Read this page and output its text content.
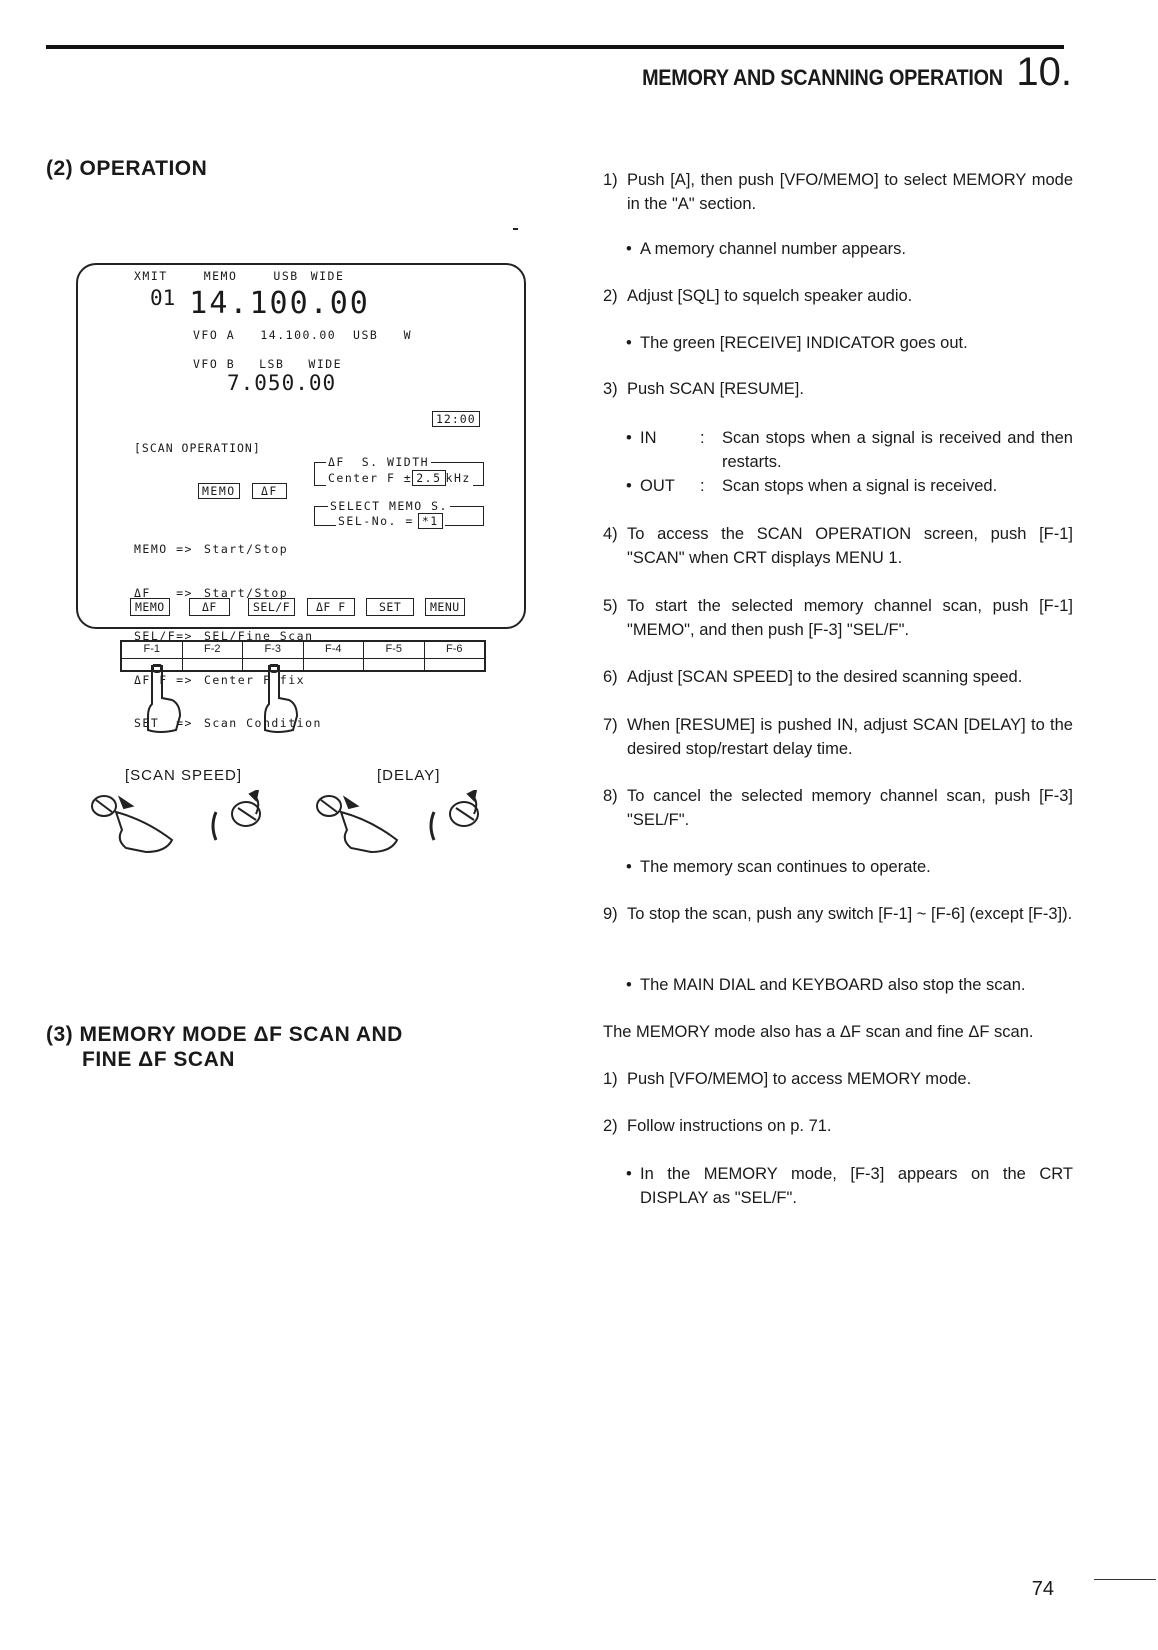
MEMORY AND SCANNING OPERATION 10.
(2) OPERATION
XMIT	MEMO	USB WIDE
01 14.100.00
VFO A   14.100.00  USB   W
VFO B LSB WIDE
7.050.00
12:00
[SCAN OPERATION]
ΔF  S. WIDTH
Center F ± 2.5 kHz
MEMO	ΔF
SELECT MEMO S.
SEL-No. = *1

MEMO => Start/Stop

ΔF   => Start/Stop

SEL/F=> SEL/Fine Scan

ΔF F => Center F fix

SET  => Scan Condition

MEMO	ΔF	SEL/F	ΔF F	SET	MENU
F-1	F-2	F-3	F-4	F-5	F-6
[SCAN SPEED]	[DELAY]
(3) MEMORY MODE ΔF SCAN AND
FINE ΔF SCAN
1) Push [A], then push [VFO/MEMO] to select MEMORY mode in the "A" section.
• A memory channel number appears.
2) Adjust [SQL] to squelch speaker audio.
• The green [RECEIVE] INDICATOR goes out.
3) Push SCAN [RESUME].
• IN	:	Scan stops when a signal is received and then restarts.
• OUT	:	Scan stops when a signal is received.
4) To access the SCAN OPERATION screen, push [F-1] "SCAN" when CRT displays MENU 1.
5) To start the selected memory channel scan, push [F-1] "MEMO", and then push [F-3] "SEL/F".
6) Adjust [SCAN SPEED] to the desired scanning speed.
7) When [RESUME] is pushed IN, adjust SCAN [DELAY] to the desired stop/restart delay time.
8) To cancel the selected memory channel scan, push [F-3] "SEL/F".
• The memory scan continues to operate.
9) To stop the scan, push any switch [F-1] ~ [F-6] (except [F-3]).
• The MAIN DIAL and KEYBOARD also stop the scan.
The MEMORY mode also has a ΔF scan and fine ΔF scan.
1) Push [VFO/MEMO] to access MEMORY mode.
2) Follow instructions on p. 71.
• In the MEMORY mode, [F-3] appears on the CRT DISPLAY as "SEL/F".
74
